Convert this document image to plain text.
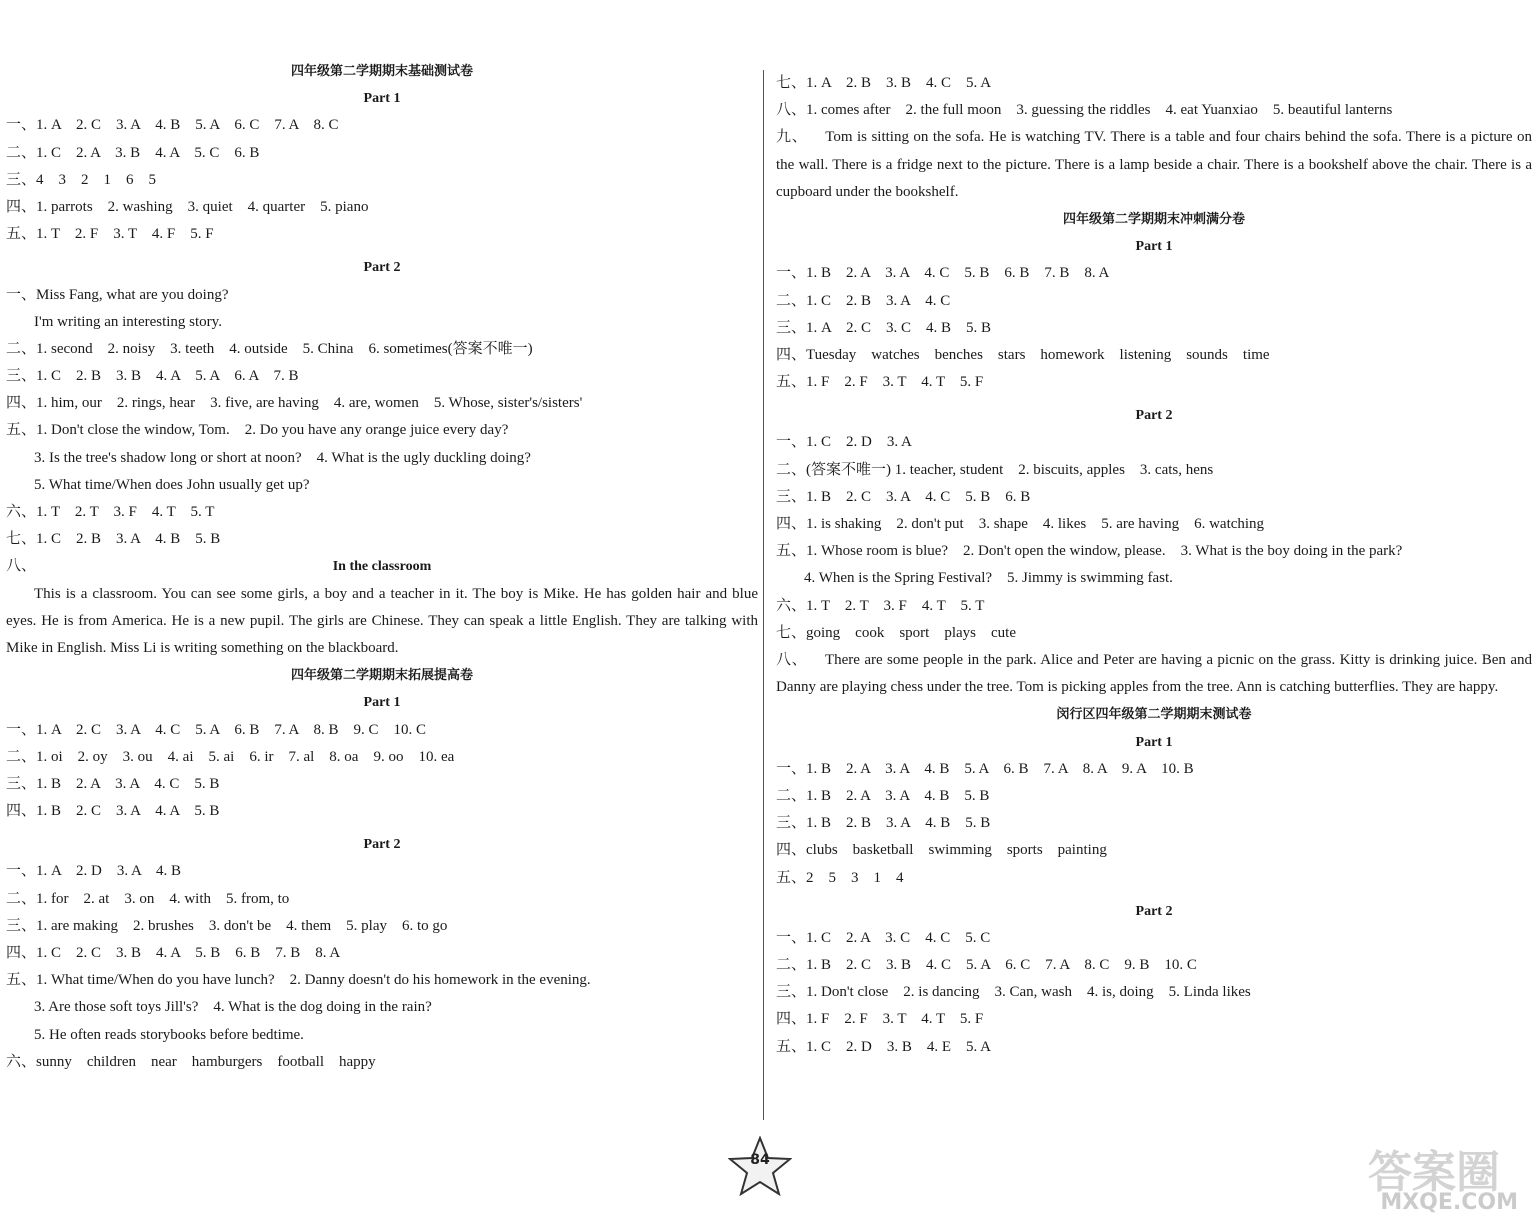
四年级第二学期期末基础测试卷
Part 1
一、1. A　2. C　3. A　4. B　5. A　6. C　7. A　8. C
二、1. C　2. A　3. B　4. A　5. C　6. B
三、4　3　2　1　6　5
四、1. parrots　2. washing　3. quiet　4. quarter　5. piano
五、1. T　2. F　3. T　4. F　5. F
Part 2
一、Miss Fang, what are you doing?
I'm writing an interesting story.
二、1. second　2. noisy　3. teeth　4. outside　5. China　6. sometimes(答案不唯一)
三、1. C　2. B　3. B　4. A　5. A　6. A　7. B
四、1. him, our　2. rings, hear　3. five, are having　4. are, women　5. Whose, sister's/sisters'
五、1. Don't close the window, Tom.　2. Do you have any orange juice every day?
3. Is the tree's shadow long or short at noon?　4. What is the ugly duckling doing?
5. What time/When does John usually get up?
六、1. T　2. T　3. F　4. T　5. T
七、1. C　2. B　3. A　4. B　5. B
八、	In the classroom
This is a classroom. You can see some girls, a boy and a teacher in it. The boy is Mike. He has golden hair and blue eyes. He is from America. He is a new pupil. The girls are Chinese. They can speak a little English. They are talking with Mike in English. Miss Li is writing something on the blackboard.
四年级第二学期期末拓展提高卷
Part 1
一、1. A　2. C　3. A　4. C　5. A　6. B　7. A　8. B　9. C　10. C
二、1. oi　2. oy　3. ou　4. ai　5. ai　6. ir　7. al　8. oa　9. oo　10. ea
三、1. B　2. A　3. A　4. C　5. B
四、1. B　2. C　3. A　4. A　5. B
Part 2
一、1. A　2. D　3. A　4. B
二、1. for　2. at　3. on　4. with　5. from, to
三、1. are making　2. brushes　3. don't be　4. them　5. play　6. to go
四、1. C　2. C　3. B　4. A　5. B　6. B　7. B　8. A
五、1. What time/When do you have lunch?　2. Danny doesn't do his homework in the evening.
3. Are those soft toys Jill's?　4. What is the dog doing in the rain?
5. He often reads storybooks before bedtime.
六、sunny　children　near　hamburgers　football　happy
七、1. A　2. B　3. B　4. C　5. A
八、1. comes after　2. the full moon　3. guessing the riddles　4. eat Yuanxiao　5. beautiful lanterns
九、 Tom is sitting on the sofa. He is watching TV. There is a table and four chairs behind the sofa. There is a picture on the wall. There is a fridge next to the picture. There is a lamp beside a chair. There is a bookshelf above the chair. There is a cupboard under the bookshelf.
四年级第二学期期末冲刺满分卷
Part 1
一、1. B　2. A　3. A　4. C　5. B　6. B　7. B　8. A
二、1. C　2. B　3. A　4. C
三、1. A　2. C　3. C　4. B　5. B
四、Tuesday　watches　benches　stars　homework　listening　sounds　time
五、1. F　2. F　3. T　4. T　5. F
Part 2
一、1. C　2. D　3. A
二、(答案不唯一) 1. teacher, student　2. biscuits, apples　3. cats, hens
三、1. B　2. C　3. A　4. C　5. B　6. B
四、1. is shaking　2. don't put　3. shape　4. likes　5. are having　6. watching
五、1. Whose room is blue?　2. Don't open the window, please.　3. What is the boy doing in the park?
4. When is the Spring Festival?　5. Jimmy is swimming fast.
六、1. T　2. T　3. F　4. T　5. T
七、going　cook　sport　plays　cute
八、 There are some people in the park. Alice and Peter are having a picnic on the grass. Kitty is drinking juice. Ben and Danny are playing chess under the tree. Tom is picking apples from the tree. Ann is catching butterflies. They are happy.
闵行区四年级第二学期期末测试卷
Part 1
一、1. B　2. A　3. A　4. B　5. A　6. B　7. A　8. A　9. A　10. B
二、1. B　2. A　3. A　4. B　5. B
三、1. B　2. B　3. A　4. B　5. B
四、clubs　basketball　swimming　sports　painting
五、2　5　3　1　4
Part 2
一、1. C　2. A　3. C　4. C　5. C
二、1. B　2. C　3. B　4. C　5. A　6. C　7. A　8. C　9. B　10. C
三、1. Don't close　2. is dancing　3. Can, wash　4. is, doing　5. Linda likes
四、1. F　2. F　3. T　4. T　5. F
五、1. C　2. D　3. B　4. E　5. A
84	答案圈
MXQE.COM
